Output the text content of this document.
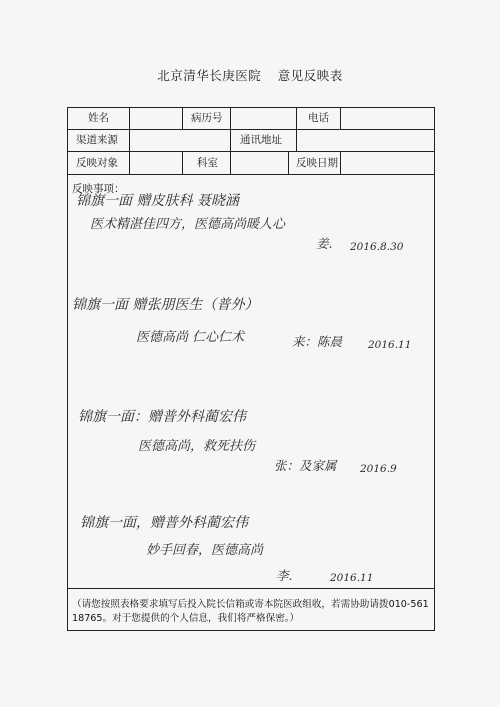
北京清华长庚医院 意见反映表
姓名	病历号	电话
渠道来源	通讯地址
反映对象	科室	反映日期
反映事项：
锦旗一面 赠皮肤科 聂晓涵
医术精湛佳四方，医德高尚暖人心
姜. 2016.8.30
锦旗一面 赠张朋医生（普外）
医德高尚 仁心仁术	来：陈晨 2016.11
锦旗一面：赠普外科蔺宏伟
医德高尚，救死扶伤
张：及家属 2016.9
锦旗一面，赠普外科蔺宏伟
妙手回春，医德高尚
李.	2016.11
（请您按照表格要求填写后投入院长信箱或寄本院医政组收，若需协助请拨010-56118765。对于您提供的个人信息，我们将严格保密。）
